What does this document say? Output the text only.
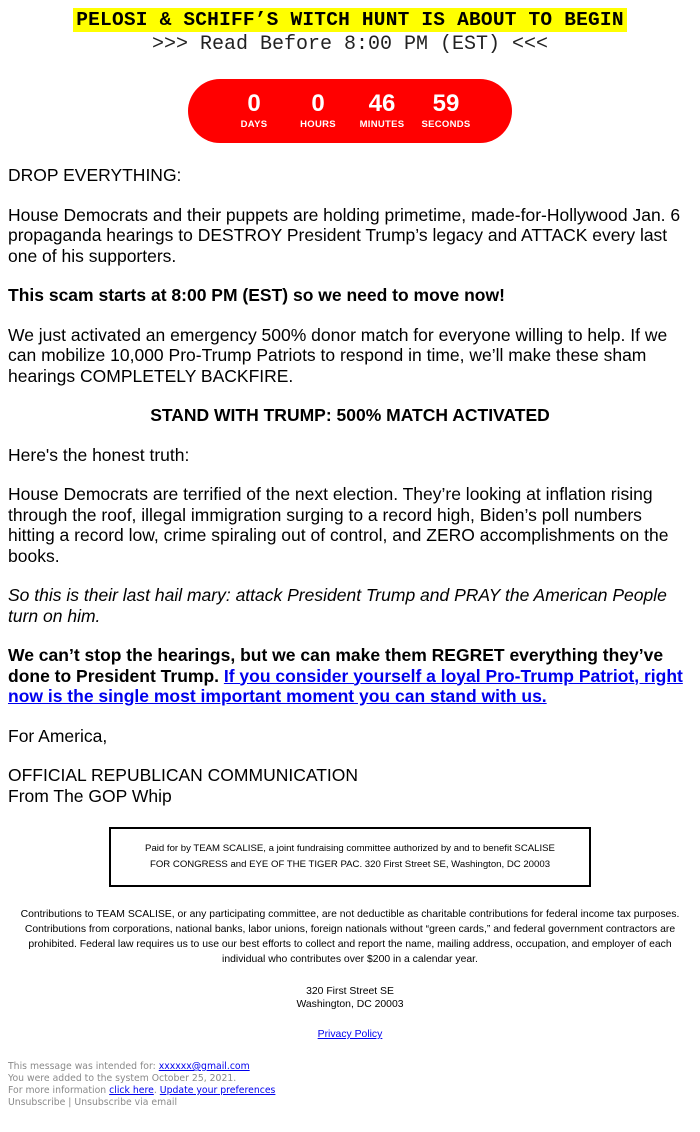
PELOSI & SCHIFF’S WITCH HUNT IS ABOUT TO BEGIN
>>> Read Before 8:00 PM (EST) <<<
0
DAYS
0
HOURS
46
MINUTES
59
SECONDS

DROP EVERYTHING:

House Democrats and their puppets are holding primetime, made-for-Hollywood Jan. 6 propaganda hearings to DESTROY President Trump’s legacy and ATTACK every last one of his supporters.

This scam starts at 8:00 PM (EST) so we need to move now!

We just activated an emergency 500% donor match for everyone willing to help. If we can mobilize 10,000 Pro-Trump Patriots to respond in time, we’ll make these sham hearings COMPLETELY BACKFIRE.

STAND WITH TRUMP: 500% MATCH ACTIVATED

Here's the honest truth:

House Democrats are terrified of the next election. They’re looking at inflation rising through the roof, illegal immigration surging to a record high, Biden’s poll numbers hitting a record low, crime spiraling out of control, and ZERO accomplishments on the books.

So this is their last hail mary: attack President Trump and PRAY the American People turn on him.

We can’t stop the hearings, but we can make them REGRET everything they’ve done to President Trump. If you consider yourself a loyal Pro-Trump Patriot, right now is the single most important moment you can stand with us.

For America,

OFFICIAL REPUBLICAN COMMUNICATION
From The GOP Whip

Paid for by TEAM SCALISE, a joint fundraising committee authorized by and to benefit SCALISE
FOR CONGRESS and EYE OF THE TIGER PAC. 320 First Street SE, Washington, DC 20003
Contributions to TEAM SCALISE, or any participating committee, are not deductible as charitable contributions for federal income tax purposes. Contributions from corporations, national banks, labor unions, foreign nationals without “green cards,” and federal government contractors are prohibited. Federal law requires us to use our best efforts to collect and report the name, mailing address, occupation, and employer of each individual who contributes over $200 in a calendar year.
320 First Street SE
Washington, DC 20003
Privacy Policy
This message was intended for: xxxxxx@gmail.com
You were added to the system October 25, 2021.
For more information click here. Update your preferences
Unsubscribe | Unsubscribe via email
